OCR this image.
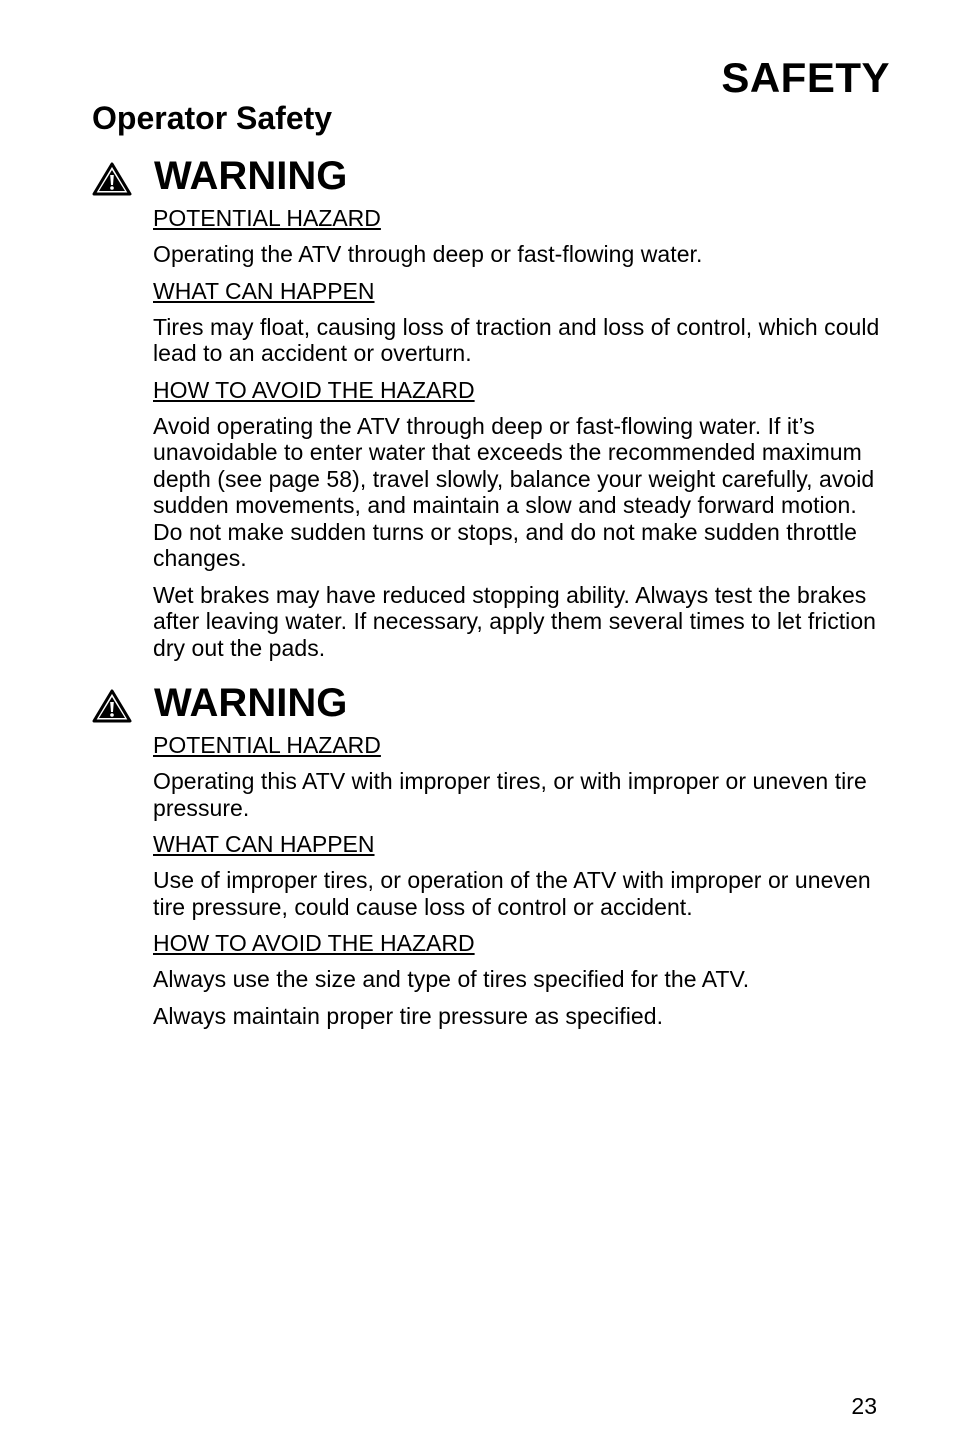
SAFETY
Operator Safety
WARNING

POTENTIAL HAZARD

Operating the ATV through deep or fast-flowing water.

WHAT CAN HAPPEN

Tires may float, causing loss of traction and loss of control, which could lead to an accident or overturn.

HOW TO AVOID THE HAZARD

Avoid operating the ATV through deep or fast-flowing water. If it’s unavoidable to enter water that exceeds the recommended maximum depth (see page 58), travel slowly, balance your weight carefully, avoid sudden movements, and maintain a slow and steady forward motion. Do not make sudden turns or stops, and do not make sudden throttle changes.

Wet brakes may have reduced stopping ability. Always test the brakes after leaving water. If necessary, apply them several times to let friction dry out the pads.

WARNING

POTENTIAL HAZARD

Operating this ATV with improper tires, or with improper or uneven tire pressure.

WHAT CAN HAPPEN

Use of improper tires, or operation of the ATV with improper or uneven tire pressure, could cause loss of control or accident.

HOW TO AVOID THE HAZARD

Always use the size and type of tires specified for the ATV.

Always maintain proper tire pressure as specified.

23
